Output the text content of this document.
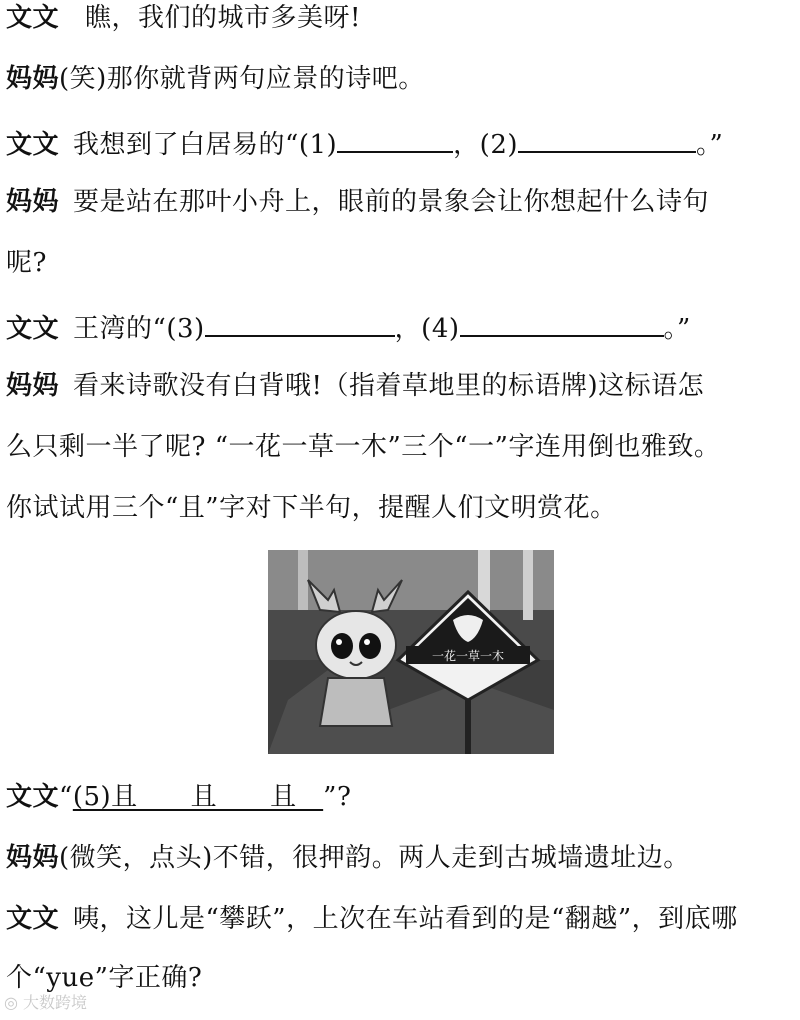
文文 瞧，我们的城市多美呀!
妈妈(笑)那你就背两句应景的诗吧。
文文 我想到了白居易的“(1)	，(2)	。”
妈妈 要是站在那叶小舟上，眼前的景象会让你想起什么诗句
呢?
文文 王湾的“(3)	，(4)	。”
妈妈 看来诗歌没有白背哦!（指着草地里的标语牌)这标语怎
么只剩一半了呢? “一花一草一木”三个“一”字连用倒也雅致。
你试试用三个“且”字对下半句，提醒人们文明赏花。
一花一草一木
文文“(5)且　　且　　且　”?
妈妈(微笑，点头)不错，很押韵。两人走到古城墙遗址边。
文文 咦，这儿是“攀跃”，上次在车站看到的是“翻越”，到底哪
个“yue”字正确?
◎ 大数跨境
